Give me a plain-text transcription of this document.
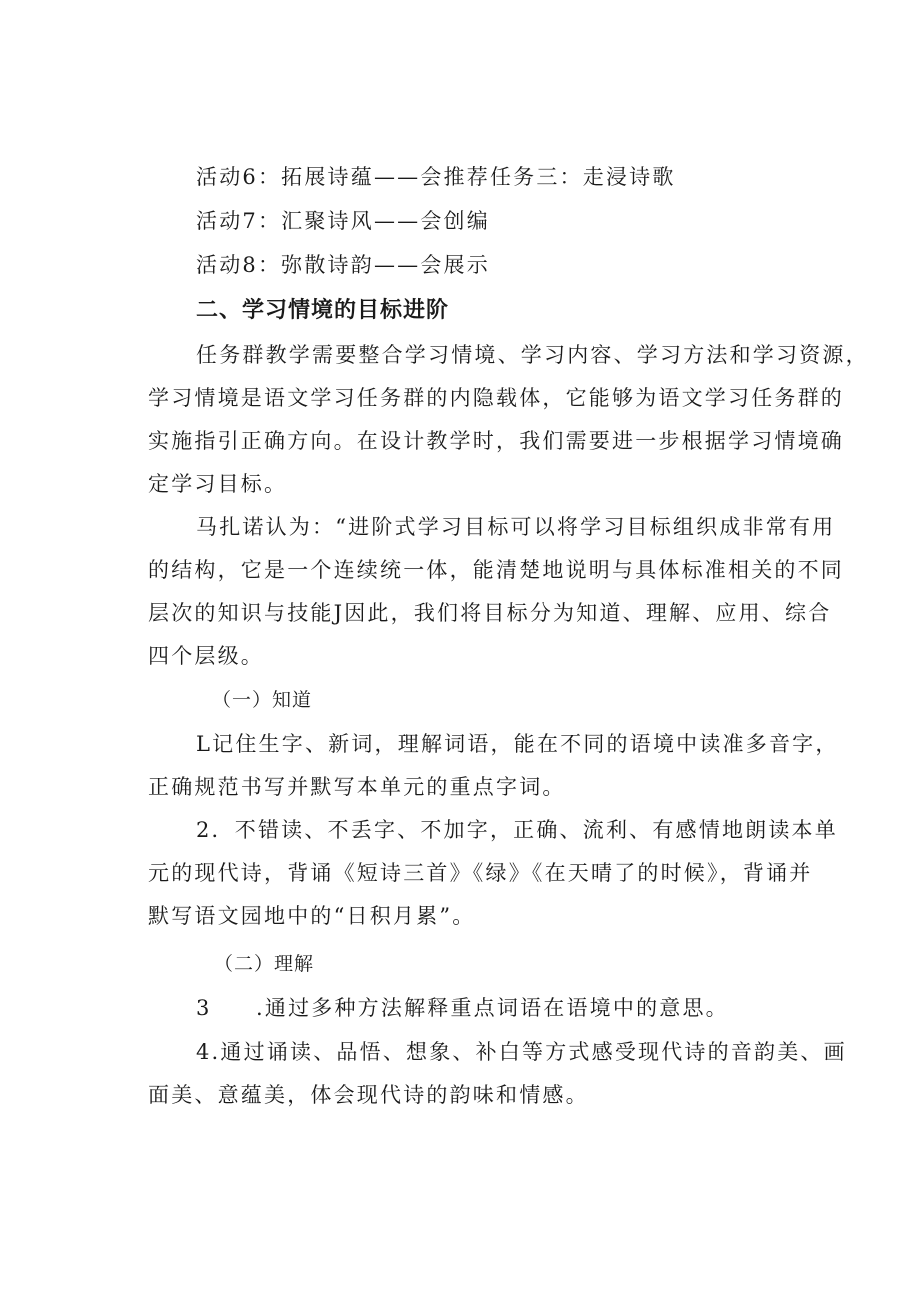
活动6：拓展诗蕴——会推荐任务三：走浸诗歌
活动7：汇聚诗风——会创编
活动8：弥散诗韵——会展示
二、学习情境的目标进阶
任务群教学需要整合学习情境、学习内容、学习方法和学习资源，
学习情境是语文学习任务群的内隐载体，它能够为语文学习任务群的
实施指引正确方向。在设计教学时，我们需要进一步根据学习情境确
定学习目标。
马扎诺认为：“进阶式学习目标可以将学习目标组织成非常有用
的结构，它是一个连续统一体，能清楚地说明与具体标准相关的不同
层次的知识与技能J因此，我们将目标分为知道、理解、应用、综合
四个层级。
（一）知道
L记住生字、新词，理解词语，能在不同的语境中读准多音字，
正确规范书写并默写本单元的重点字词。
2．不错读、不丢字、不加字，正确、流利、有感情地朗读本单
元的现代诗，背诵《短诗三首》《绿》《在天晴了的时候》，背诵并
默写语文园地中的“日积月累”。
（二）理解
3 .通过多种方法解释重点词语在语境中的意思。
4.通过诵读、品悟、想象、补白等方式感受现代诗的音韵美、画
面美、意蕴美，体会现代诗的韵味和情感。
